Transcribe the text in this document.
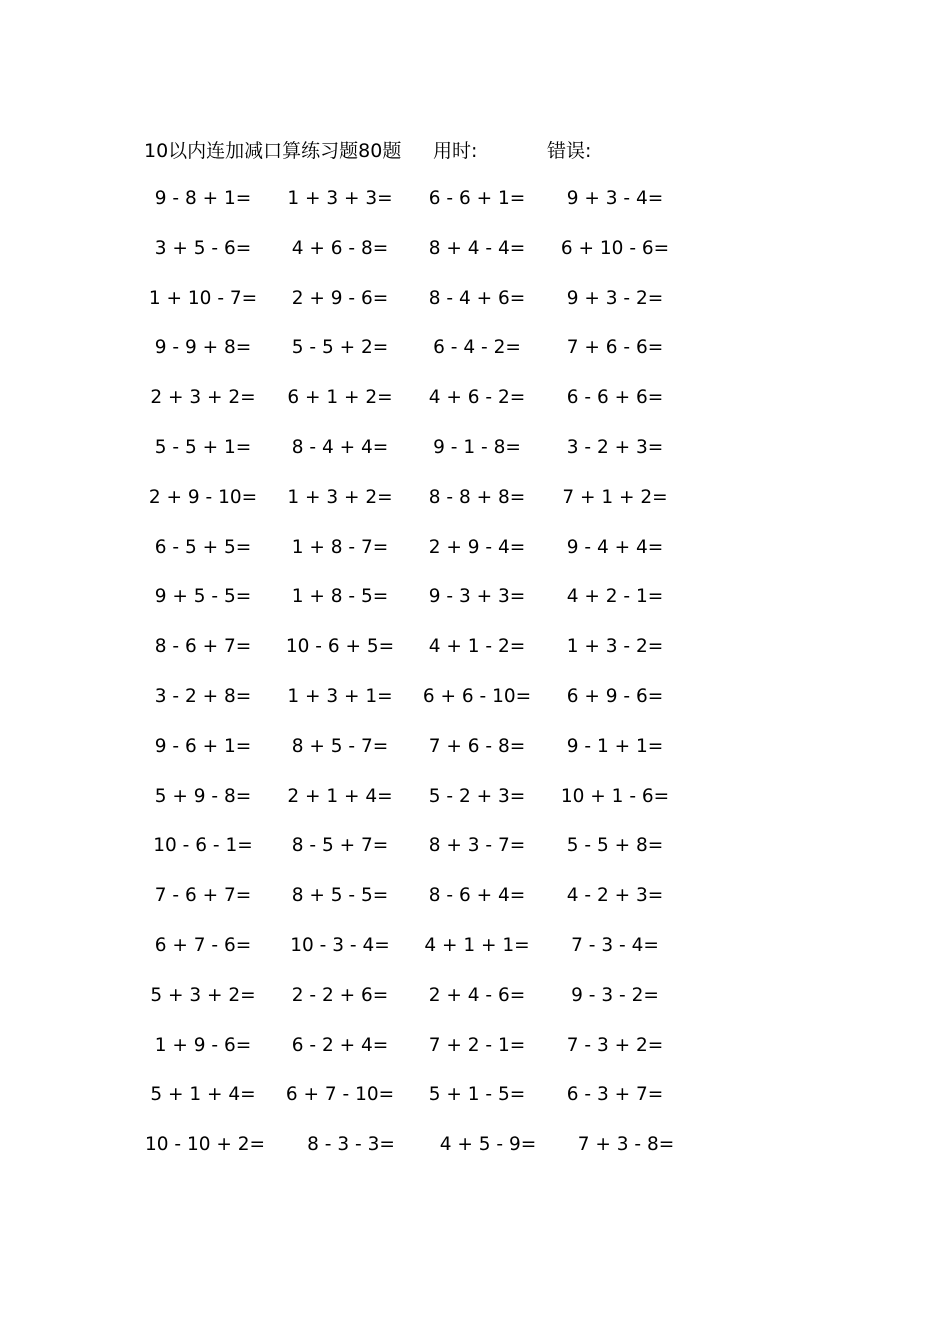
10以内连加减口算练习题80题 用时:	错误:
9 - 8 + 1=	1 + 3 + 3=	6 - 6 + 1=	9 + 3 - 4=
3 + 5 - 6=	4 + 6 - 8=	8 + 4 - 4=	6 + 10 - 6=
1 + 10 - 7=	2 + 9 - 6=	8 - 4 + 6=	9 + 3 - 2=
9 - 9 + 8=	5 - 5 + 2=	6 - 4 - 2=	7 + 6 - 6=
2 + 3 + 2=	6 + 1 + 2=	4 + 6 - 2=	6 - 6 + 6=
5 - 5 + 1=	8 - 4 + 4=	9 - 1 - 8=	3 - 2 + 3=
2 + 9 - 10=	1 + 3 + 2=	8 - 8 + 8=	7 + 1 + 2=
6 - 5 + 5=	1 + 8 - 7=	2 + 9 - 4=	9 - 4 + 4=
9 + 5 - 5=	1 + 8 - 5=	9 - 3 + 3=	4 + 2 - 1=
8 - 6 + 7=	10 - 6 + 5=	4 + 1 - 2=	1 + 3 - 2=
3 - 2 + 8=	1 + 3 + 1=	6 + 6 - 10=	6 + 9 - 6=
9 - 6 + 1=	8 + 5 - 7=	7 + 6 - 8=	9 - 1 + 1=
5 + 9 - 8=	2 + 1 + 4=	5 - 2 + 3=	10 + 1 - 6=
10 - 6 - 1=	8 - 5 + 7=	8 + 3 - 7=	5 - 5 + 8=
7 - 6 + 7=	8 + 5 - 5=	8 - 6 + 4=	4 - 2 + 3=
6 + 7 - 6=	10 - 3 - 4=	4 + 1 + 1=	7 - 3 - 4=
5 + 3 + 2=	2 - 2 + 6=	2 + 4 - 6=	9 - 3 - 2=
1 + 9 - 6=	6 - 2 + 4=	7 + 2 - 1=	7 - 3 + 2=
5 + 1 + 4=	6 + 7 - 10=	5 + 1 - 5=	6 - 3 + 7=
10 - 10 + 2=	8 - 3 - 3=	4 + 5 - 9=	7 + 3 - 8=
